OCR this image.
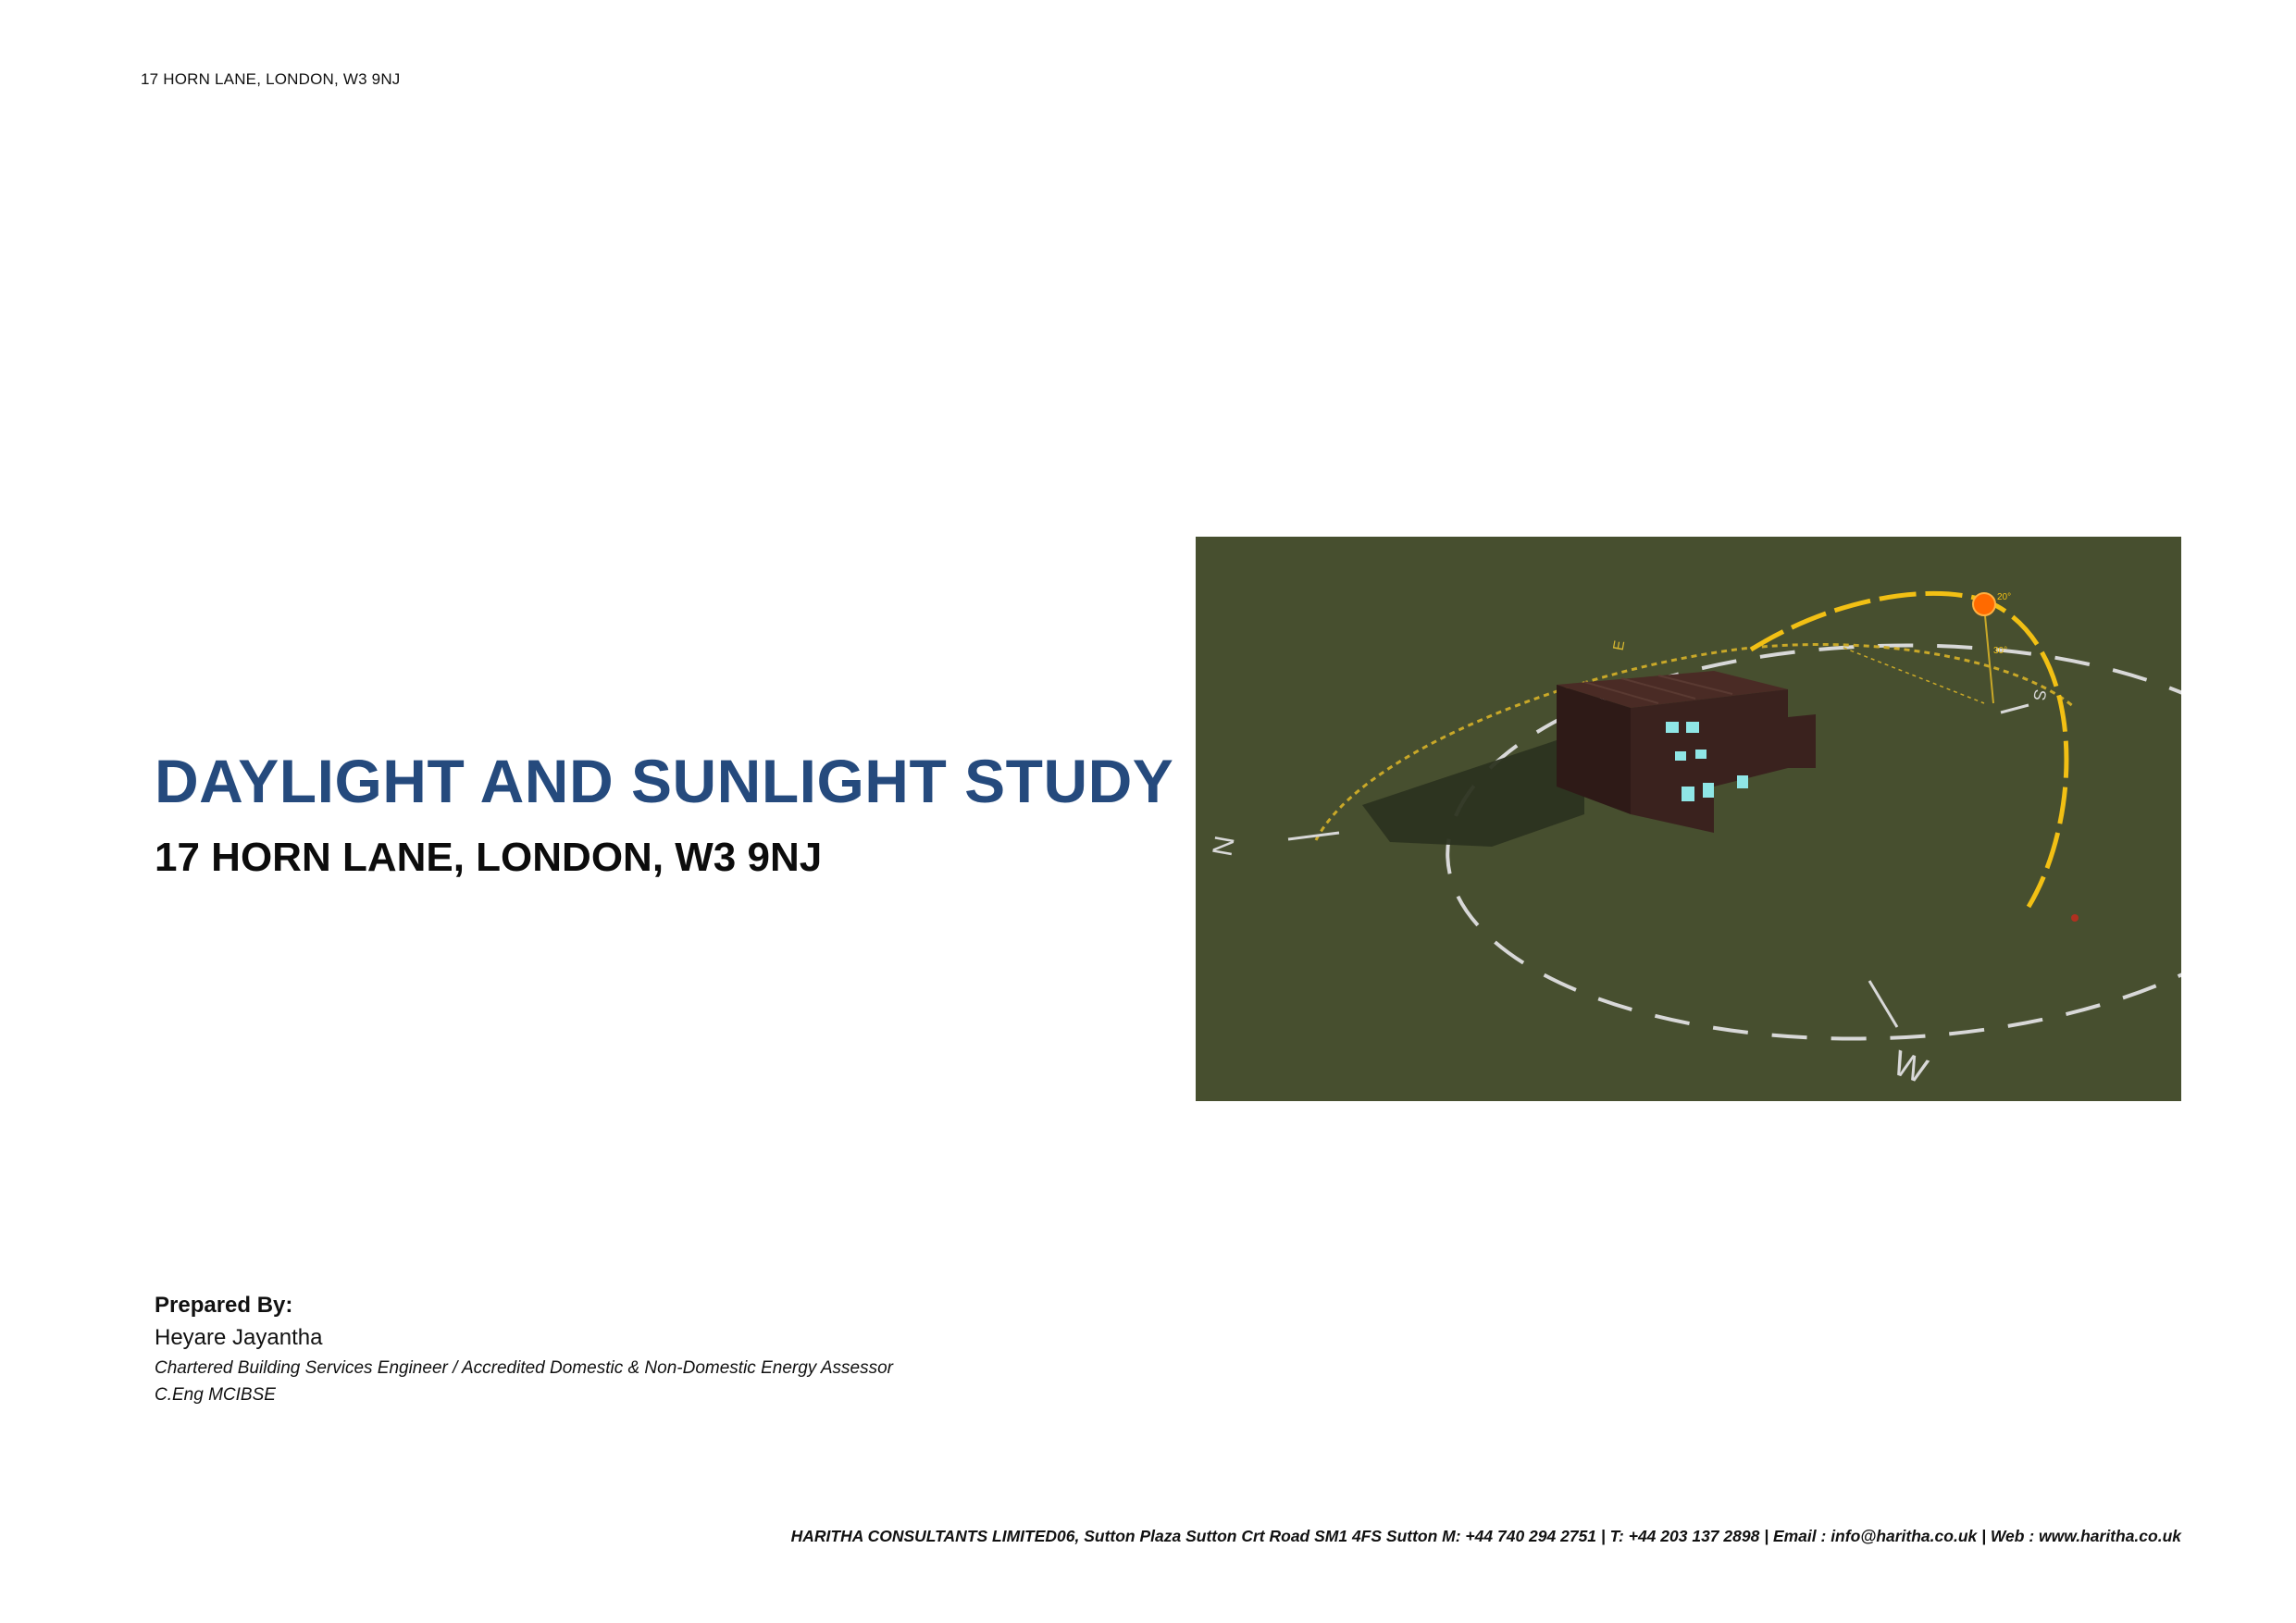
17 HORN LANE, LONDON, W3 9NJ
DAYLIGHT AND SUNLIGHT STUDY
17 HORN LANE, LONDON, W3 9NJ
20°
30°
N
W
E
S
Prepared By:
Heyare Jayantha
Chartered Building Services Engineer / Accredited Domestic & Non-Domestic Energy Assessor
C.Eng MCIBSE
HARITHA CONSULTANTS LIMITED06, Sutton Plaza Sutton Crt Road SM1 4FS Sutton M: +44 740 294 2751 | T: +44 203 137 2898 | Email : info@haritha.co.uk | Web : www.haritha.co.uk
